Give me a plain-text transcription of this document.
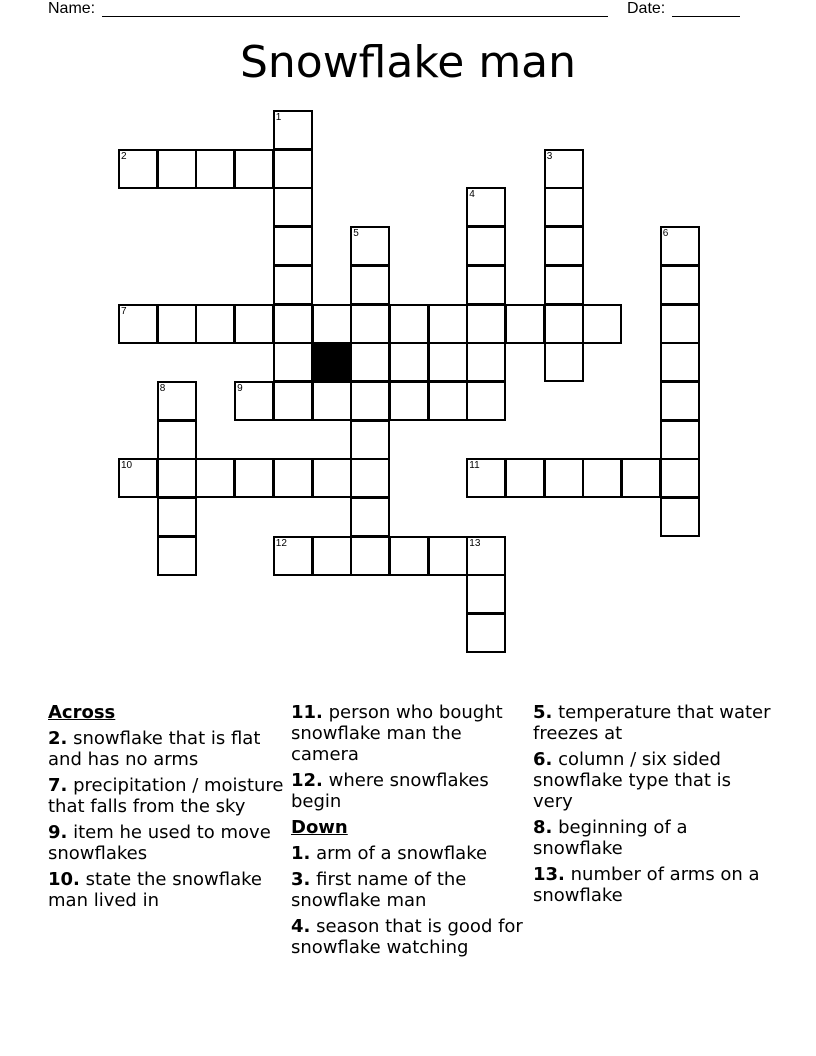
Name:	Date:
Snowflake man
1
2	3
4
5	6
7
8	9
10	11
12	13
Across
2. snowflake that is flat and has no arms
7. precipitation / moisture that falls from the sky
9. item he used to move snowflakes
10. state the snowflake man lived in
11. person who bought snowflake man the camera
12. where snowflakes begin
Down
1. arm of a snowflake
3. first name of the snowflake man
4. season that is good for snowflake watching
5. temperature that water freezes at
6. column / six sided snowflake type that is very
8. beginning of a snowflake
13. number of arms on a snowflake
